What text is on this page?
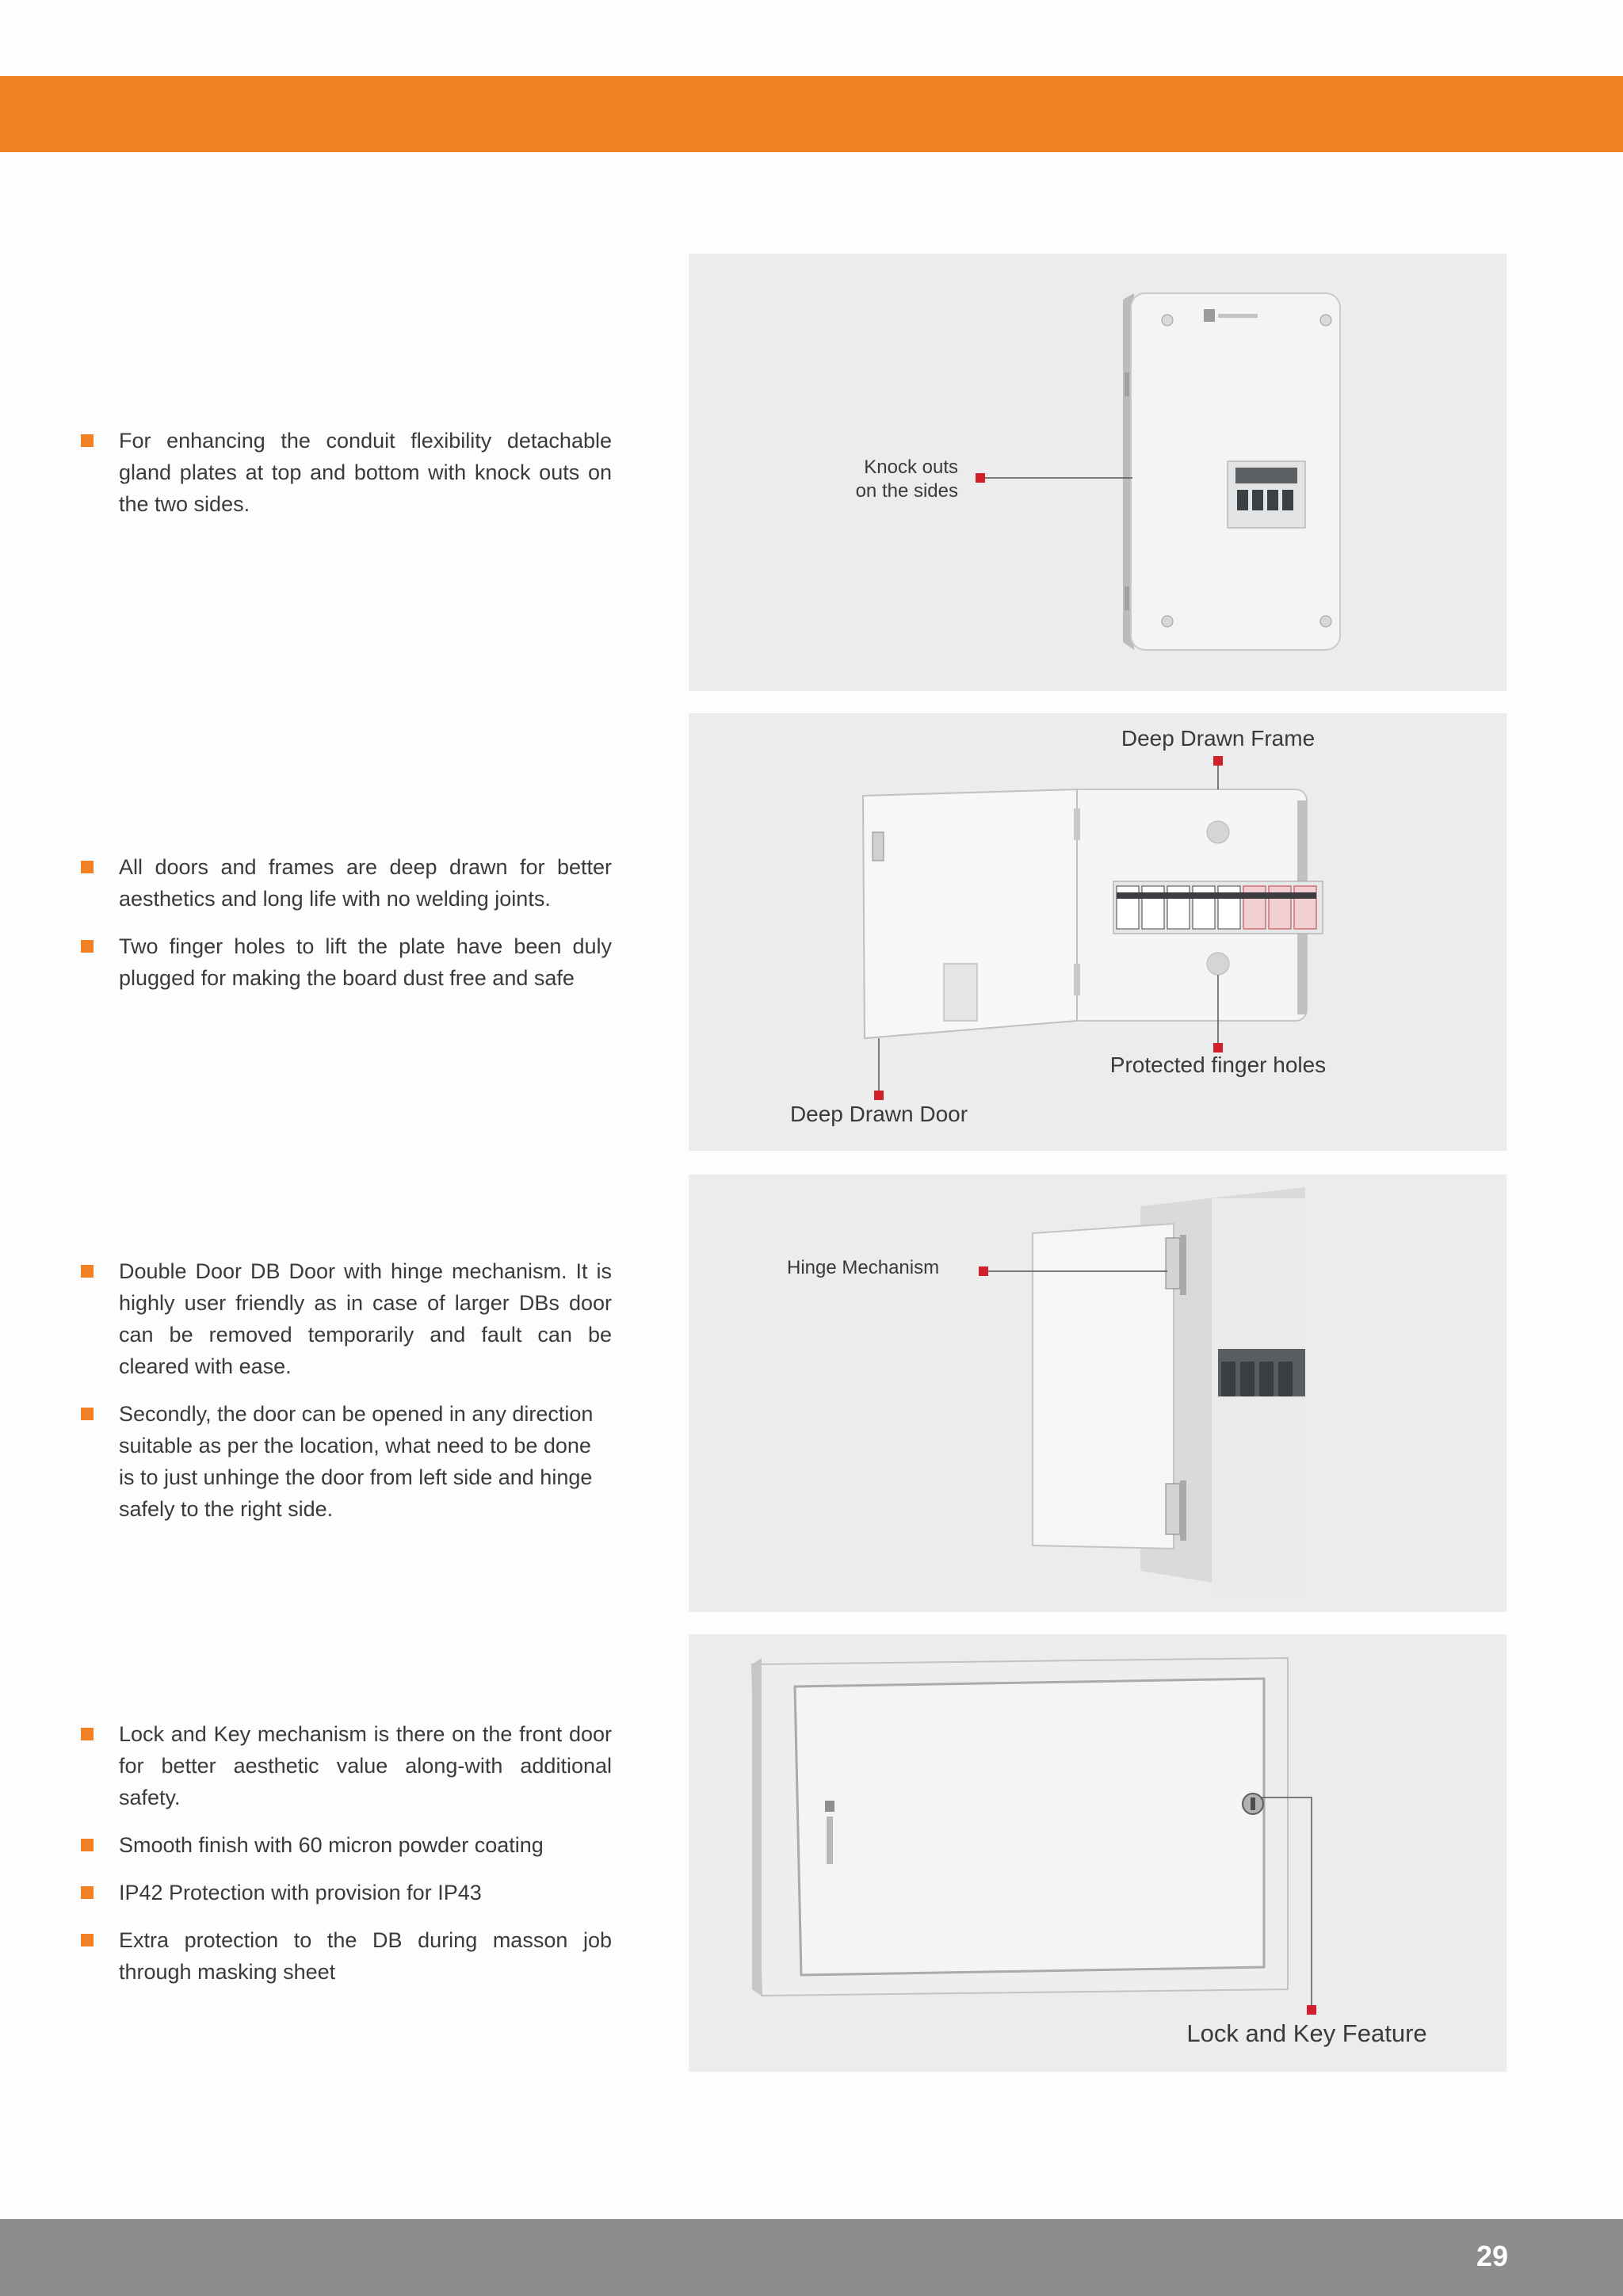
For enhancing the conduit flexibility detachable gland plates at top and bottom with knock outs on the two sides.
Knock outs
on the sides
All doors and frames are deep drawn for better aesthetics and long life with no welding joints.
Two finger holes to lift the plate have been duly plugged for making the board dust free and safe
Deep Drawn Frame
Protected finger holes
Deep Drawn Door
Double Door DB Door with hinge mechanism. It is highly user friendly as in case of larger DBs door can be removed temporarily and fault can be cleared with ease.
Secondly, the door can be opened in any direction suitable as per the location, what need to be done is to just unhinge the door from left side and hinge safely to the right side.
Hinge Mechanism
Lock and Key mechanism is there on the front door for better aesthetic value along-with additional safety.
Smooth finish with 60 micron powder coating
IP42 Protection with provision for IP43
Extra protection to the DB during masson job through masking sheet
Lock and Key Feature
29
